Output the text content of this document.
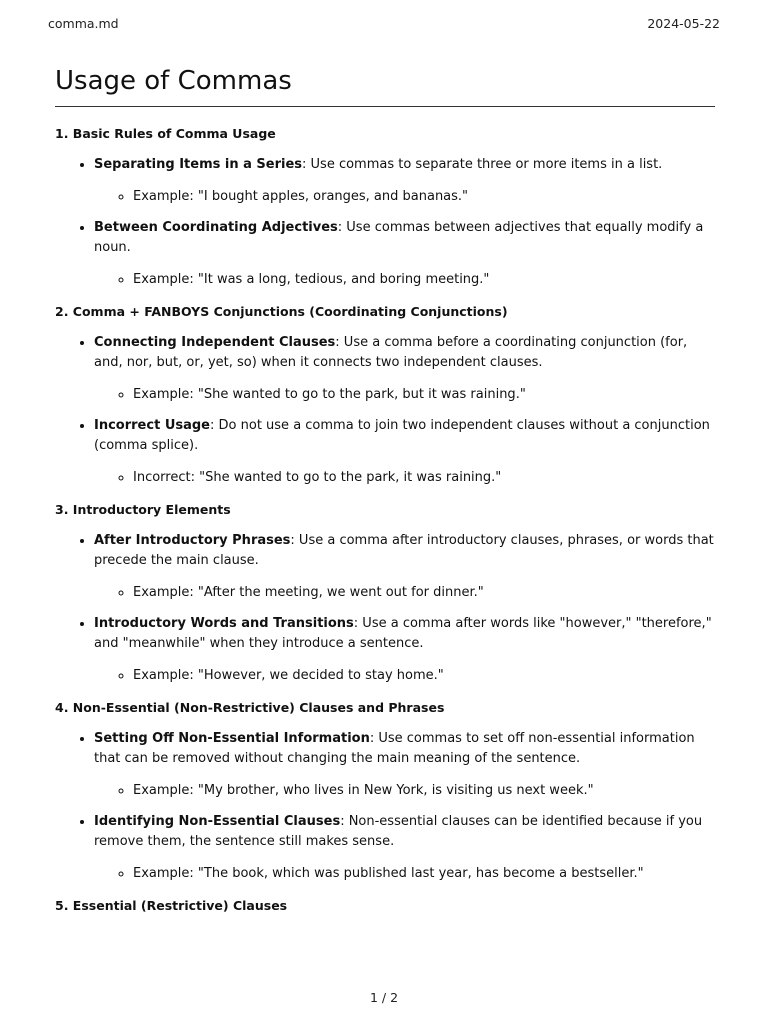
comma.md	2024-05-22
Usage of Commas

1. Basic Rules of Comma Usage

• Separating Items in a Series: Use commas to separate three or more items in a list.
◦ Example: "I bought apples, oranges, and bananas."
• Between Coordinating Adjectives: Use commas between adjectives that equally modify a noun.
◦ Example: "It was a long, tedious, and boring meeting."

2. Comma + FANBOYS Conjunctions (Coordinating Conjunctions)

• Connecting Independent Clauses: Use a comma before a coordinating conjunction (for, and, nor, but, or, yet, so) when it connects two independent clauses.
◦ Example: "She wanted to go to the park, but it was raining."
• Incorrect Usage: Do not use a comma to join two independent clauses without a conjunction (comma splice).
◦ Incorrect: "She wanted to go to the park, it was raining."

3. Introductory Elements

• After Introductory Phrases: Use a comma after introductory clauses, phrases, or words that precede the main clause.
◦ Example: "After the meeting, we went out for dinner."
• Introductory Words and Transitions: Use a comma after words like "however," "therefore," and "meanwhile" when they introduce a sentence.
◦ Example: "However, we decided to stay home."

4. Non-Essential (Non-Restrictive) Clauses and Phrases

• Setting Off Non-Essential Information: Use commas to set off non-essential information that can be removed without changing the main meaning of the sentence.
◦ Example: "My brother, who lives in New York, is visiting us next week."
• Identifying Non-Essential Clauses: Non-essential clauses can be identified because if you remove them, the sentence still makes sense.
◦ Example: "The book, which was published last year, has become a bestseller."

5. Essential (Restrictive) Clauses

1 / 2
